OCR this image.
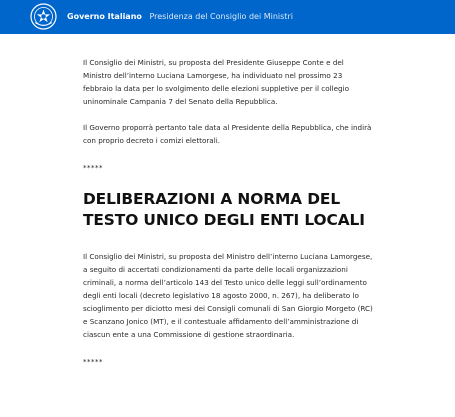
Governo Italiano Presidenza del Consiglio dei Ministri

Il Consiglio dei Ministri, su proposta del Presidente Giuseppe Conte e del Ministro dell’interno Luciana Lamorgese, ha individuato nel prossimo 23 febbraio la data per lo svolgimento delle elezioni suppletive per il collegio uninominale Campania 7 del Senato della Repubblica.

Il Governo proporrà pertanto tale data al Presidente della Repubblica, che indirà con proprio decreto i comizi elettorali.

*****
DELIBERAZIONI A NORMA DEL TESTO UNICO DEGLI ENTI LOCALI

Il Consiglio dei Ministri, su proposta del Ministro dell’interno Luciana Lamorgese, a seguito di accertati condizionamenti da parte delle locali organizzazioni criminali, a norma dell’articolo 143 del Testo unico delle leggi sull’ordinamento degli enti locali (decreto legislativo 18 agosto 2000, n. 267), ha deliberato lo scioglimento per diciotto mesi dei Consigli comunali di San Giorgio Morgeto (RC) e Scanzano Jonico (MT), e il contestuale affidamento dell’amministrazione di ciascun ente a una Commissione di gestione straordinaria.

*****
